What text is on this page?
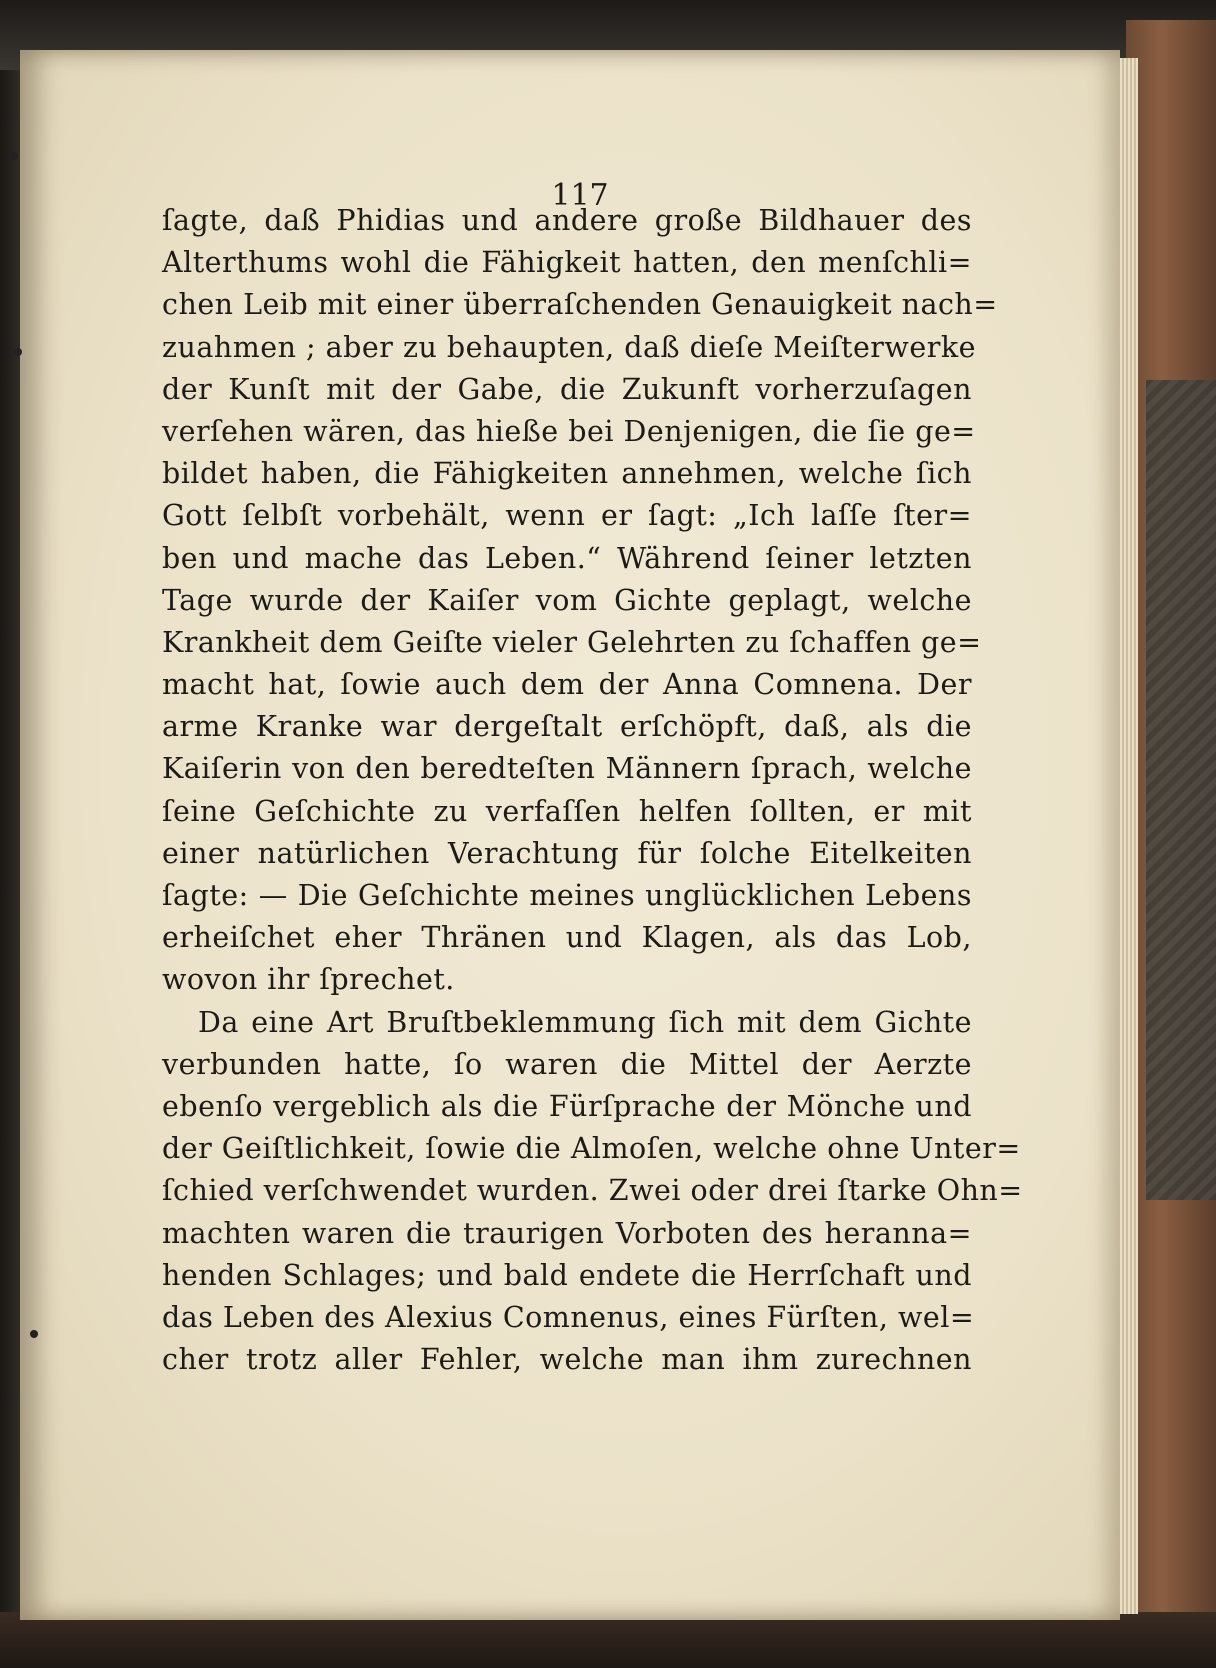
117
ſagte, daß Phidias und andere große Bildhauer des
Alterthums wohl die Fähigkeit hatten, den menſchli=
chen Leib mit einer überraſchenden Genauigkeit nach=
zuahmen ; aber zu behaupten, daß dieſe Meiſterwerke
der Kunſt mit der Gabe, die Zukunft vorherzuſagen
verſehen wären, das hieße bei Denjenigen, die ſie ge=
bildet haben, die Fähigkeiten annehmen, welche ſich
Gott ſelbſt vorbehält, wenn er ſagt: „Ich laſſe ſter=
ben und mache das Leben.“ Während ſeiner letzten
Tage wurde der Kaiſer vom Gichte geplagt, welche
Krankheit dem Geiſte vieler Gelehrten zu ſchaffen ge=
macht hat, ſowie auch dem der Anna Comnena. Der
arme Kranke war dergeſtalt erſchöpft, daß, als die
Kaiſerin von den beredteſten Männern ſprach, welche
ſeine Geſchichte zu verfaſſen helfen ſollten, er mit
einer natürlichen Verachtung für ſolche Eitelkeiten
ſagte: — Die Geſchichte meines unglücklichen Lebens
erheiſchet eher Thränen und Klagen, als das Lob,
wovon ihr ſprechet.
Da eine Art Bruſtbeklemmung ſich mit dem Gichte
verbunden hatte, ſo waren die Mittel der Aerzte
ebenſo vergeblich als die Fürſprache der Mönche und
der Geiſtlichkeit, ſowie die Almoſen, welche ohne Unter=
ſchied verſchwendet wurden. Zwei oder drei ſtarke Ohn=
machten waren die traurigen Vorboten des heranna=
henden Schlages; und bald endete die Herrſchaft und
das Leben des Alexius Comnenus, eines Fürſten, wel=
cher trotz aller Fehler, welche man ihm zurechnen
